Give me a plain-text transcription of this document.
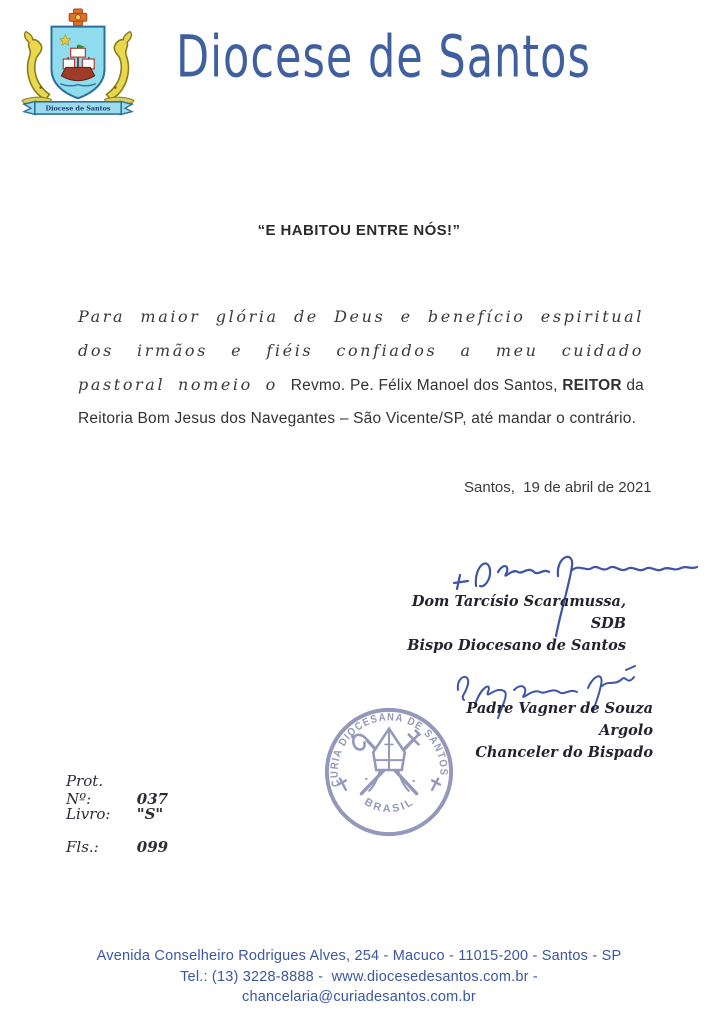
Diocese de Santos
Diocese de Santos
“E HABITOU ENTRE NÓS!”

Para maior glória de Deus e benefício espiritual dos irmãos e fiéis confiados a meu cuidado pastoral nomeio o Revmo. Pe. Félix Manoel dos Santos, REITOR da Reitoria Bom Jesus dos Navegantes – São Vicente/SP, até mandar o contrário.

Santos,  19 de abril de 2021
Dom Tarcísio Scaramussa, SDB
Bispo Diocesano de Santos
Padre Vagner de Souza Argolo
Chanceler do Bispado
CURIA DIOCESANA DE SANTOS
BRASIL
Prot. Nº:	037
Livro: "S"
Fls.:	099
Avenida Conselheiro Rodrigues Alves, 254 - Macuco - 11015-200 - Santos - SP
Tel.: (13) 3228-8888 -  www.diocesedesantos.com.br -
chancelaria@curiadesantos.com.br
